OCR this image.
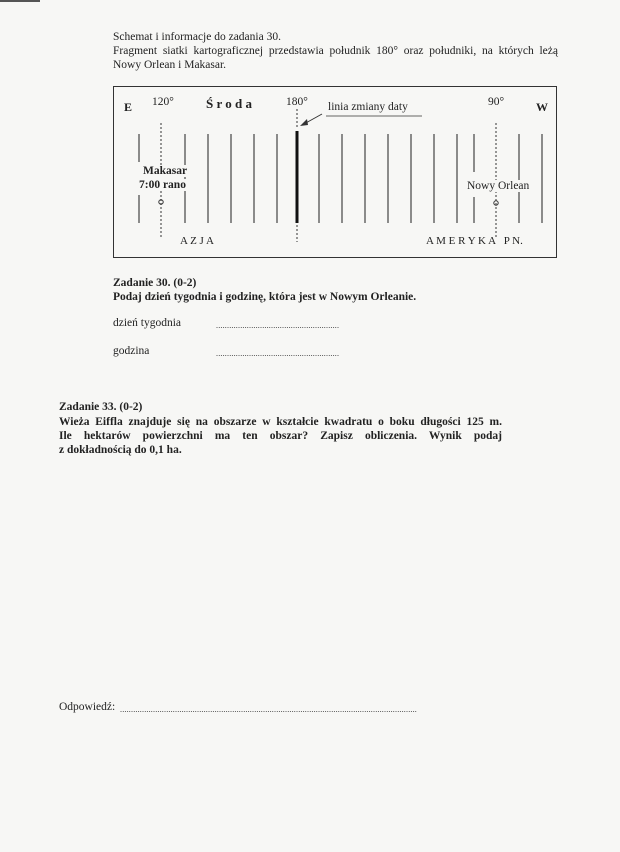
Schemat i informacje do zadania 30.
Fragment siatki kartograficznej przedstawia południk 180° oraz południki, na których leżą
Nowy Orlean i Makasar.
E 120° Ś r o d a	180° linia zmiany daty	90°	W
Makasar
7:00 rano	Nowy Orlean
A Z J A	A M E R Y K A   P N.
Zadanie 30. (0-2)
Podaj dzień tygodnia i godzinę, która jest w Nowym Orleanie.
dzień tygodnia	........................................................
godzina	........................................................
Zadanie 33. (0-2)
Wieża Eiffla znajduje się na obszarze w kształcie kwadratu o boku długości 125 m.
Ile hektarów powierzchni ma ten obszar? Zapisz obliczenia. Wynik podaj
z dokładnością do 0,1 ha.
Odpowiedź: .......................................................................................................................................
